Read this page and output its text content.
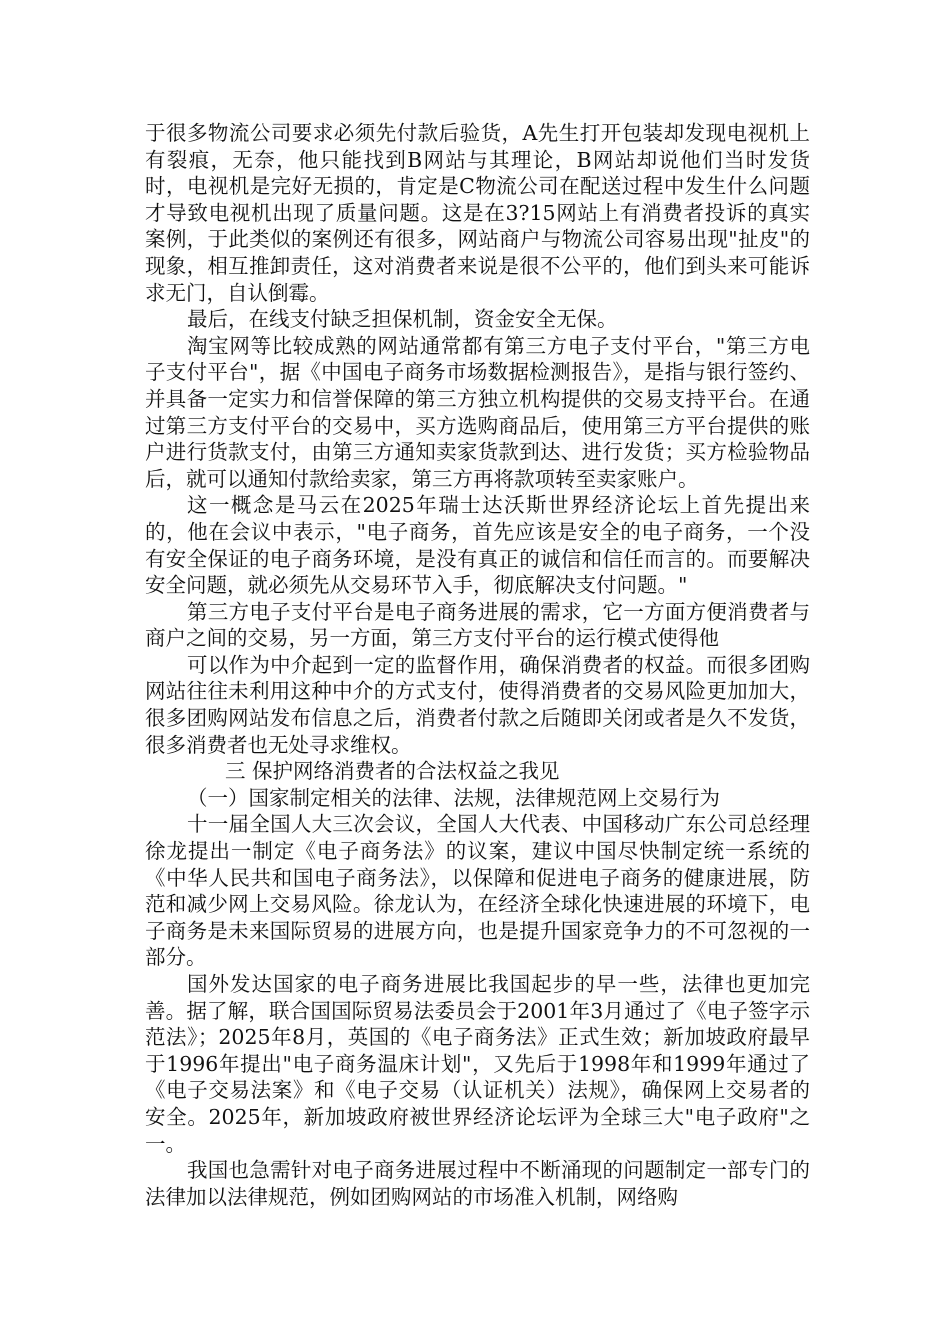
于很多物流公司要求必须先付款后验货，A先生打开包装却发现电视机上有裂痕，无奈，他只能找到B网站与其理论，B网站却说他们当时发货时，电视机是完好无损的，肯定是C物流公司在配送过程中发生什么问题才导致电视机出现了质量问题。这是在3?15网站上有消费者投诉的真实案例，于此类似的案例还有很多，网站商户与物流公司容易出现"扯皮"的现象，相互推卸责任，这对消费者来说是很不公平的，他们到头来可能诉求无门，自认倒霉。

最后，在线支付缺乏担保机制，资金安全无保。

淘宝网等比较成熟的网站通常都有第三方电子支付平台，"第三方电子支付平台"，据《中国电子商务市场数据检测报告》，是指与银行签约、并具备一定实力和信誉保障的第三方独立机构提供的交易支持平台。在通过第三方支付平台的交易中，买方选购商品后，使用第三方平台提供的账户进行货款支付，由第三方通知卖家货款到达、进行发货；买方检验物品后，就可以通知付款给卖家，第三方再将款项转至卖家账户。

这一概念是马云在2025年瑞士达沃斯世界经济论坛上首先提出来的，他在会议中表示，"电子商务，首先应该是安全的电子商务，一个没有安全保证的电子商务环境，是没有真正的诚信和信任而言的。而要解决安全问题，就必须先从交易环节入手，彻底解决支付问题。"

第三方电子支付平台是电子商务进展的需求，它一方面方便消费者与商户之间的交易，另一方面，第三方支付平台的运行模式使得他

可以作为中介起到一定的监督作用，确保消费者的权益。而很多团购网站往往未利用这种中介的方式支付，使得消费者的交易风险更加加大，很多团购网站发布信息之后，消费者付款之后随即关闭或者是久不发货，很多消费者也无处寻求维权。

三 保护网络消费者的合法权益之我见

（一）国家制定相关的法律、法规，法律规范网上交易行为

十一届全国人大三次会议，全国人大代表、中国移动广东公司总经理徐龙提出一制定《电子商务法》的议案，建议中国尽快制定统一系统的《中华人民共和国电子商务法》，以保障和促进电子商务的健康进展，防范和减少网上交易风险。徐龙认为，在经济全球化快速进展的环境下，电子商务是未来国际贸易的进展方向，也是提升国家竞争力的不可忽视的一部分。

国外发达国家的电子商务进展比我国起步的早一些，法律也更加完善。据了解，联合国国际贸易法委员会于2001年3月通过了《电子签字示范法》；2025年8月，英国的《电子商务法》正式生效；新加坡政府最早于1996年提出"电子商务温床计划"，又先后于1998年和1999年通过了《电子交易法案》和《电子交易（认证机关）法规》，确保网上交易者的安全。2025年，新加坡政府被世界经济论坛评为全球三大"电子政府"之一。

我国也急需针对电子商务进展过程中不断涌现的问题制定一部专门的法律加以法律规范，例如团购网站的市场准入机制，网络购
